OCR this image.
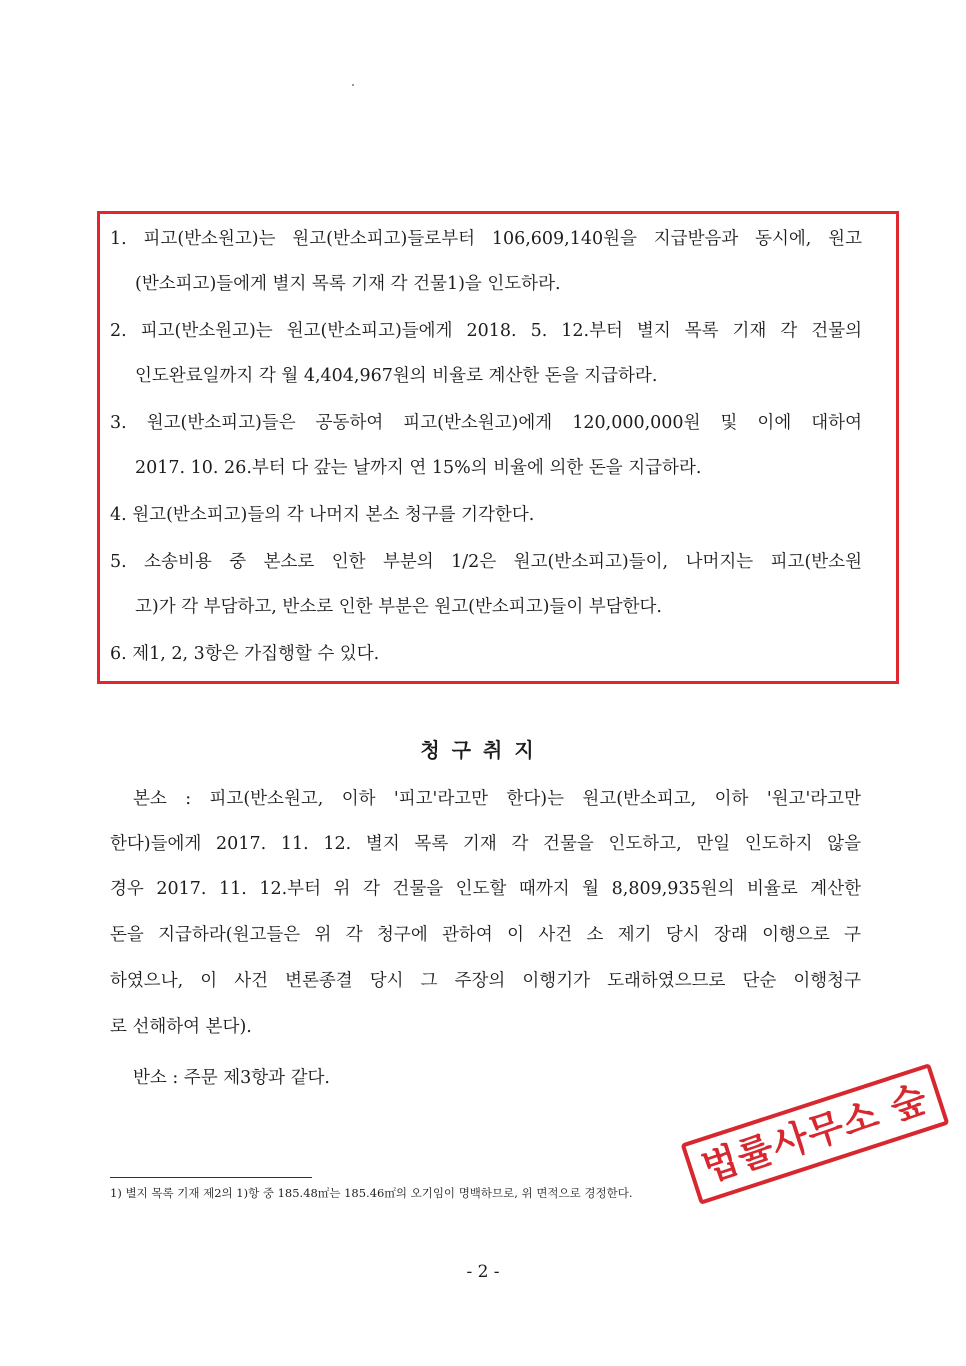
1. 피고(반소원고)는 원고(반소피고)들로부터 106,609,140원을 지급받음과 동시에, 원고
(반소피고)들에게 별지 목록 기재 각 건물1)을 인도하라.
2. 피고(반소원고)는 원고(반소피고)들에게 2018. 5. 12.부터 별지 목록 기재 각 건물의
인도완료일까지 각 월 4,404,967원의 비율로 계산한 돈을 지급하라.
3. 원고(반소피고)들은 공동하여 피고(반소원고)에게 120,000,000원 및 이에 대하여
2017. 10. 26.부터 다 갚는 날까지 연 15%의 비율에 의한 돈을 지급하라.
4. 원고(반소피고)들의 각 나머지 본소 청구를 기각한다.
5. 소송비용 중 본소로 인한 부분의 1/2은 원고(반소피고)들이, 나머지는 피고(반소원
고)가 각 부담하고, 반소로 인한 부분은 원고(반소피고)들이 부담한다.
6. 제1, 2, 3항은 가집행할 수 있다.
청구취지
본소 : 피고(반소원고, 이하 '피고'라고만 한다)는 원고(반소피고, 이하 '원고'라고만
한다)들에게 2017. 11. 12. 별지 목록 기재 각 건물을 인도하고, 만일 인도하지 않을
경우 2017. 11. 12.부터 위 각 건물을 인도할 때까지 월 8,809,935원의 비율로 계산한
돈을 지급하라(원고들은 위 각 청구에 관하여 이 사건 소 제기 당시 장래 이행으로 구
하였으나, 이 사건 변론종결 당시 그 주장의 이행기가 도래하였으므로 단순 이행청구
로 선해하여 본다).
반소 : 주문 제3항과 같다.
1) 별지 목록 기재 제2의 1)항 중 185.48㎡는 185.46㎡의 오기임이 명백하므로, 위 면적으로 경정한다.
- 2 -
법률사무소 숲
